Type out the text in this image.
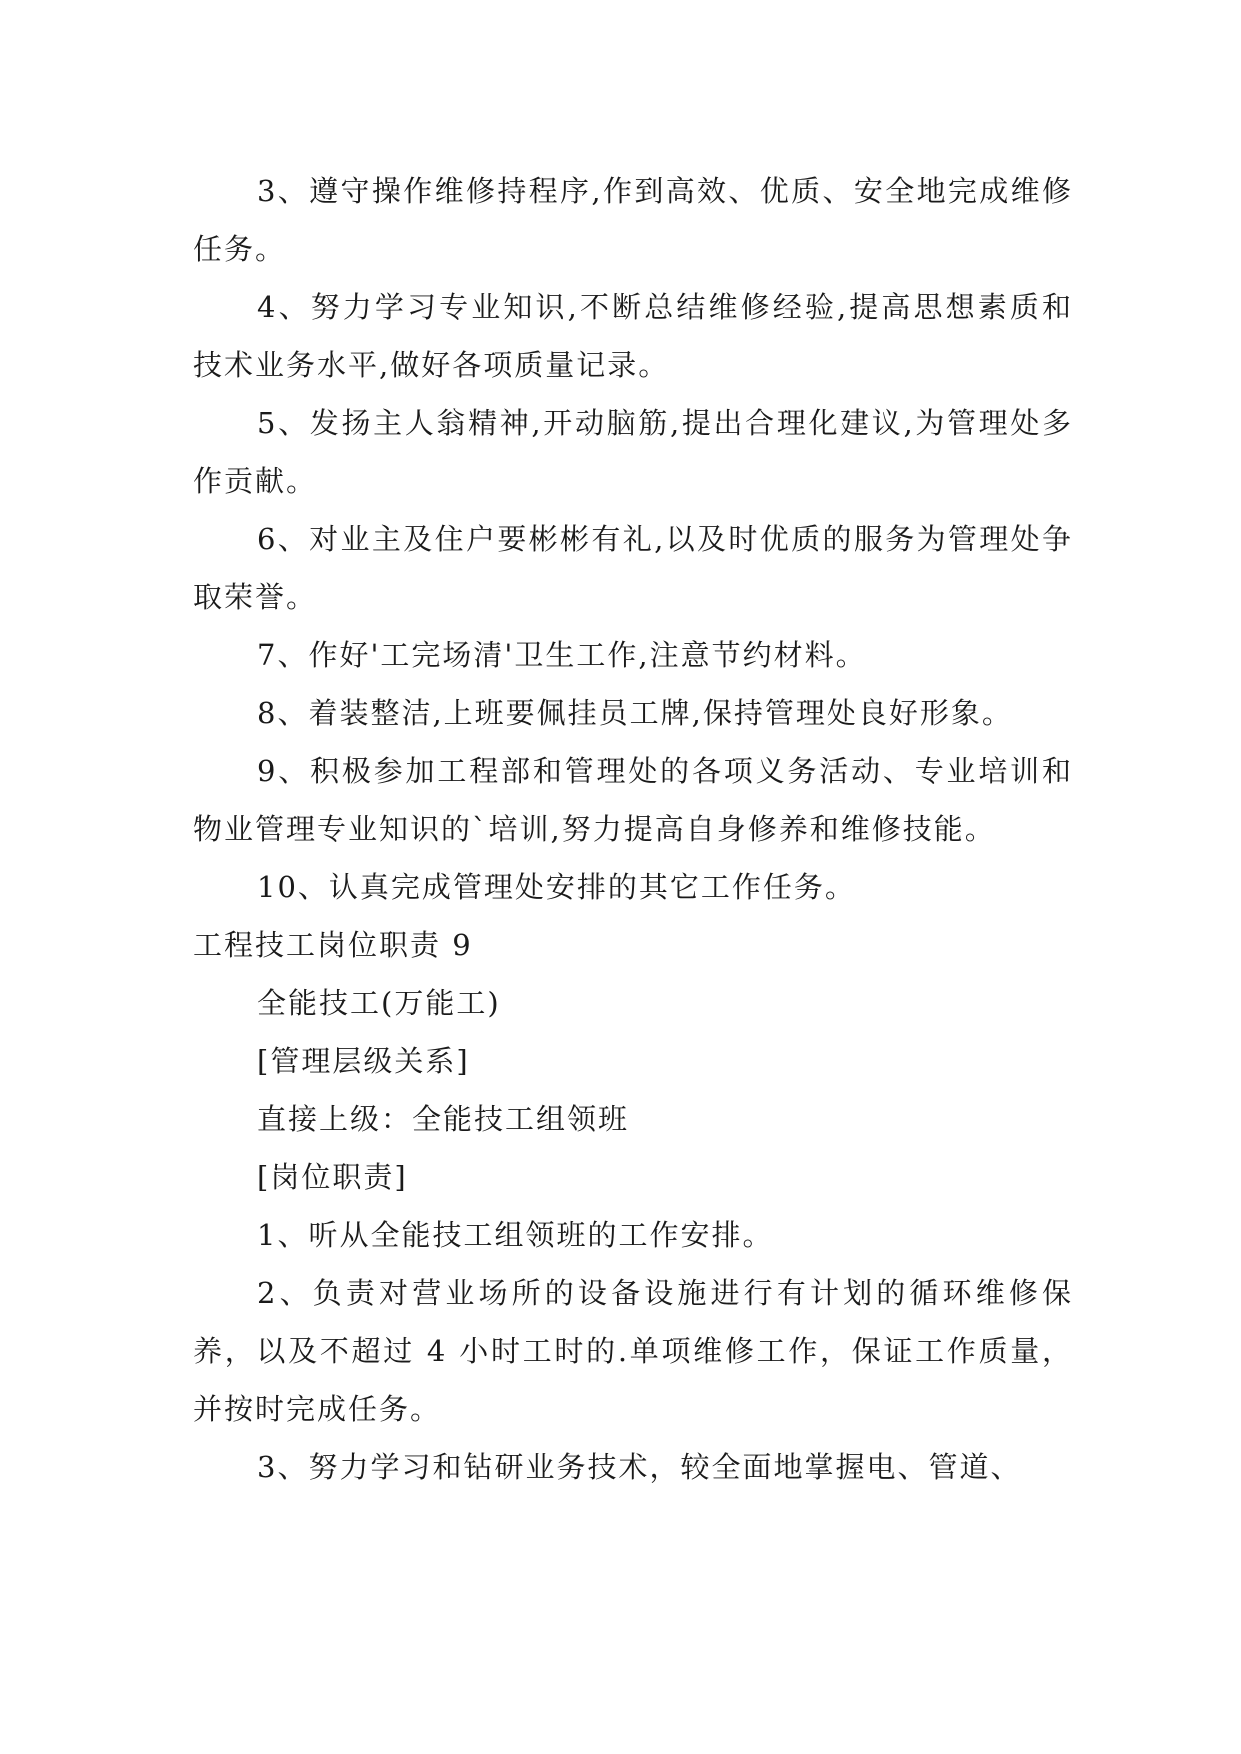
3、遵守操作维修持程序,作到高效、优质、安全地完成维修任务。

4、努力学习专业知识,不断总结维修经验,提高思想素质和技术业务水平,做好各项质量记录。

5、发扬主人翁精神,开动脑筋,提出合理化建议,为管理处多作贡献。

6、对业主及住户要彬彬有礼,以及时优质的服务为管理处争取荣誉。

7、作好'工完场清'卫生工作,注意节约材料。

8、着装整洁,上班要佩挂员工牌,保持管理处良好形象。

9、积极参加工程部和管理处的各项义务活动、专业培训和物业管理专业知识的`培训,努力提高自身修养和维修技能。

10、认真完成管理处安排的其它工作任务。

工程技工岗位职责 9

全能技工(万能工)

[管理层级关系]

直接上级：全能技工组领班

[岗位职责]

1、听从全能技工组领班的工作安排。

2、负责对营业场所的设备设施进行有计划的循环维修保养，以及不超过 4 小时工时的.单项维修工作，保证工作质量，并按时完成任务。

3、努力学习和钻研业务技术，较全面地掌握电、管道、
